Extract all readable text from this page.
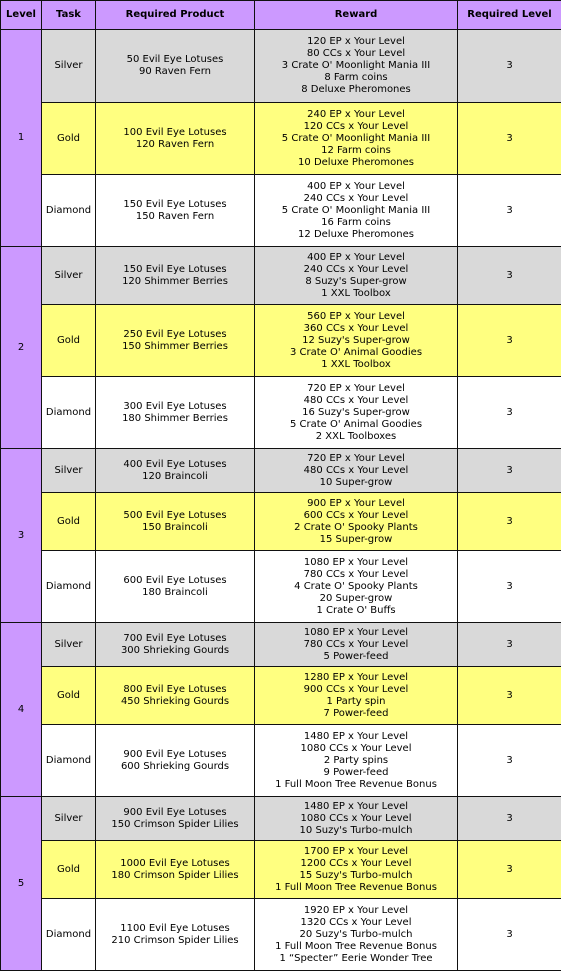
Level	Task	Required Product	Reward	Required Level
1	Silver	50 Evil Eye Lotuses
90 Raven Fern	120 EP x Your Level
80 CCs x Your Level
3 Crate O' Moonlight Mania III
8 Farm coins
8 Deluxe Pheromones	3
	Gold	100 Evil Eye Lotuses
120 Raven Fern	240 EP x Your Level
120 CCs x Your Level
5 Crate O' Moonlight Mania III
12 Farm coins
10 Deluxe Pheromones	3
	Diamond	150 Evil Eye Lotuses
150 Raven Fern	400 EP x Your Level
240 CCs x Your Level
5 Crate O' Moonlight Mania III
16 Farm coins
12 Deluxe Pheromones	3
2	Silver	150 Evil Eye Lotuses
120 Shimmer Berries	400 EP x Your Level
240 CCs x Your Level
8 Suzy's Super-grow
1 XXL Toolbox	3
	Gold	250 Evil Eye Lotuses
150 Shimmer Berries	560 EP x Your Level
360 CCs x Your Level
12 Suzy's Super-grow
3 Crate O' Animal Goodies
1 XXL Toolbox	3
	Diamond	300 Evil Eye Lotuses
180 Shimmer Berries	720 EP x Your Level
480 CCs x Your Level
16 Suzy's Super-grow
5 Crate O' Animal Goodies
2 XXL Toolboxes	3
3	Silver	400 Evil Eye Lotuses
120 Braincoli	720 EP x Your Level
480 CCs x Your Level
10 Super-grow	3
	Gold	500 Evil Eye Lotuses
150 Braincoli	900 EP x Your Level
600 CCs x Your Level
2 Crate O' Spooky Plants
15 Super-grow	3
	Diamond	600 Evil Eye Lotuses
180 Braincoli	1080 EP x Your Level
780 CCs x Your Level
4 Crate O' Spooky Plants
20 Super-grow
1 Crate O' Buffs	3
4	Silver	700 Evil Eye Lotuses
300 Shrieking Gourds	1080 EP x Your Level
780 CCs x Your Level
5 Power-feed	3
	Gold	800 Evil Eye Lotuses
450 Shrieking Gourds	1280 EP x Your Level
900 CCs x Your Level
1 Party spin
7 Power-feed	3
	Diamond	900 Evil Eye Lotuses
600 Shrieking Gourds	1480 EP x Your Level
1080 CCs x Your Level
2 Party spins
9 Power-feed
1 Full Moon Tree Revenue Bonus	3
5	Silver	900 Evil Eye Lotuses
150 Crimson Spider Lilies	1480 EP x Your Level
1080 CCs x Your Level
10 Suzy's Turbo-mulch	3
	Gold	1000 Evil Eye Lotuses
180 Crimson Spider Lilies	1700 EP x Your Level
1200 CCs x Your Level
15 Suzy's Turbo-mulch
1 Full Moon Tree Revenue Bonus	3
	Diamond	1100 Evil Eye Lotuses
210 Crimson Spider Lilies	1920 EP x Your Level
1320 CCs x Your Level
20 Suzy's Turbo-mulch
1 Full Moon Tree Revenue Bonus
1 “Specter” Eerie Wonder Tree	3
